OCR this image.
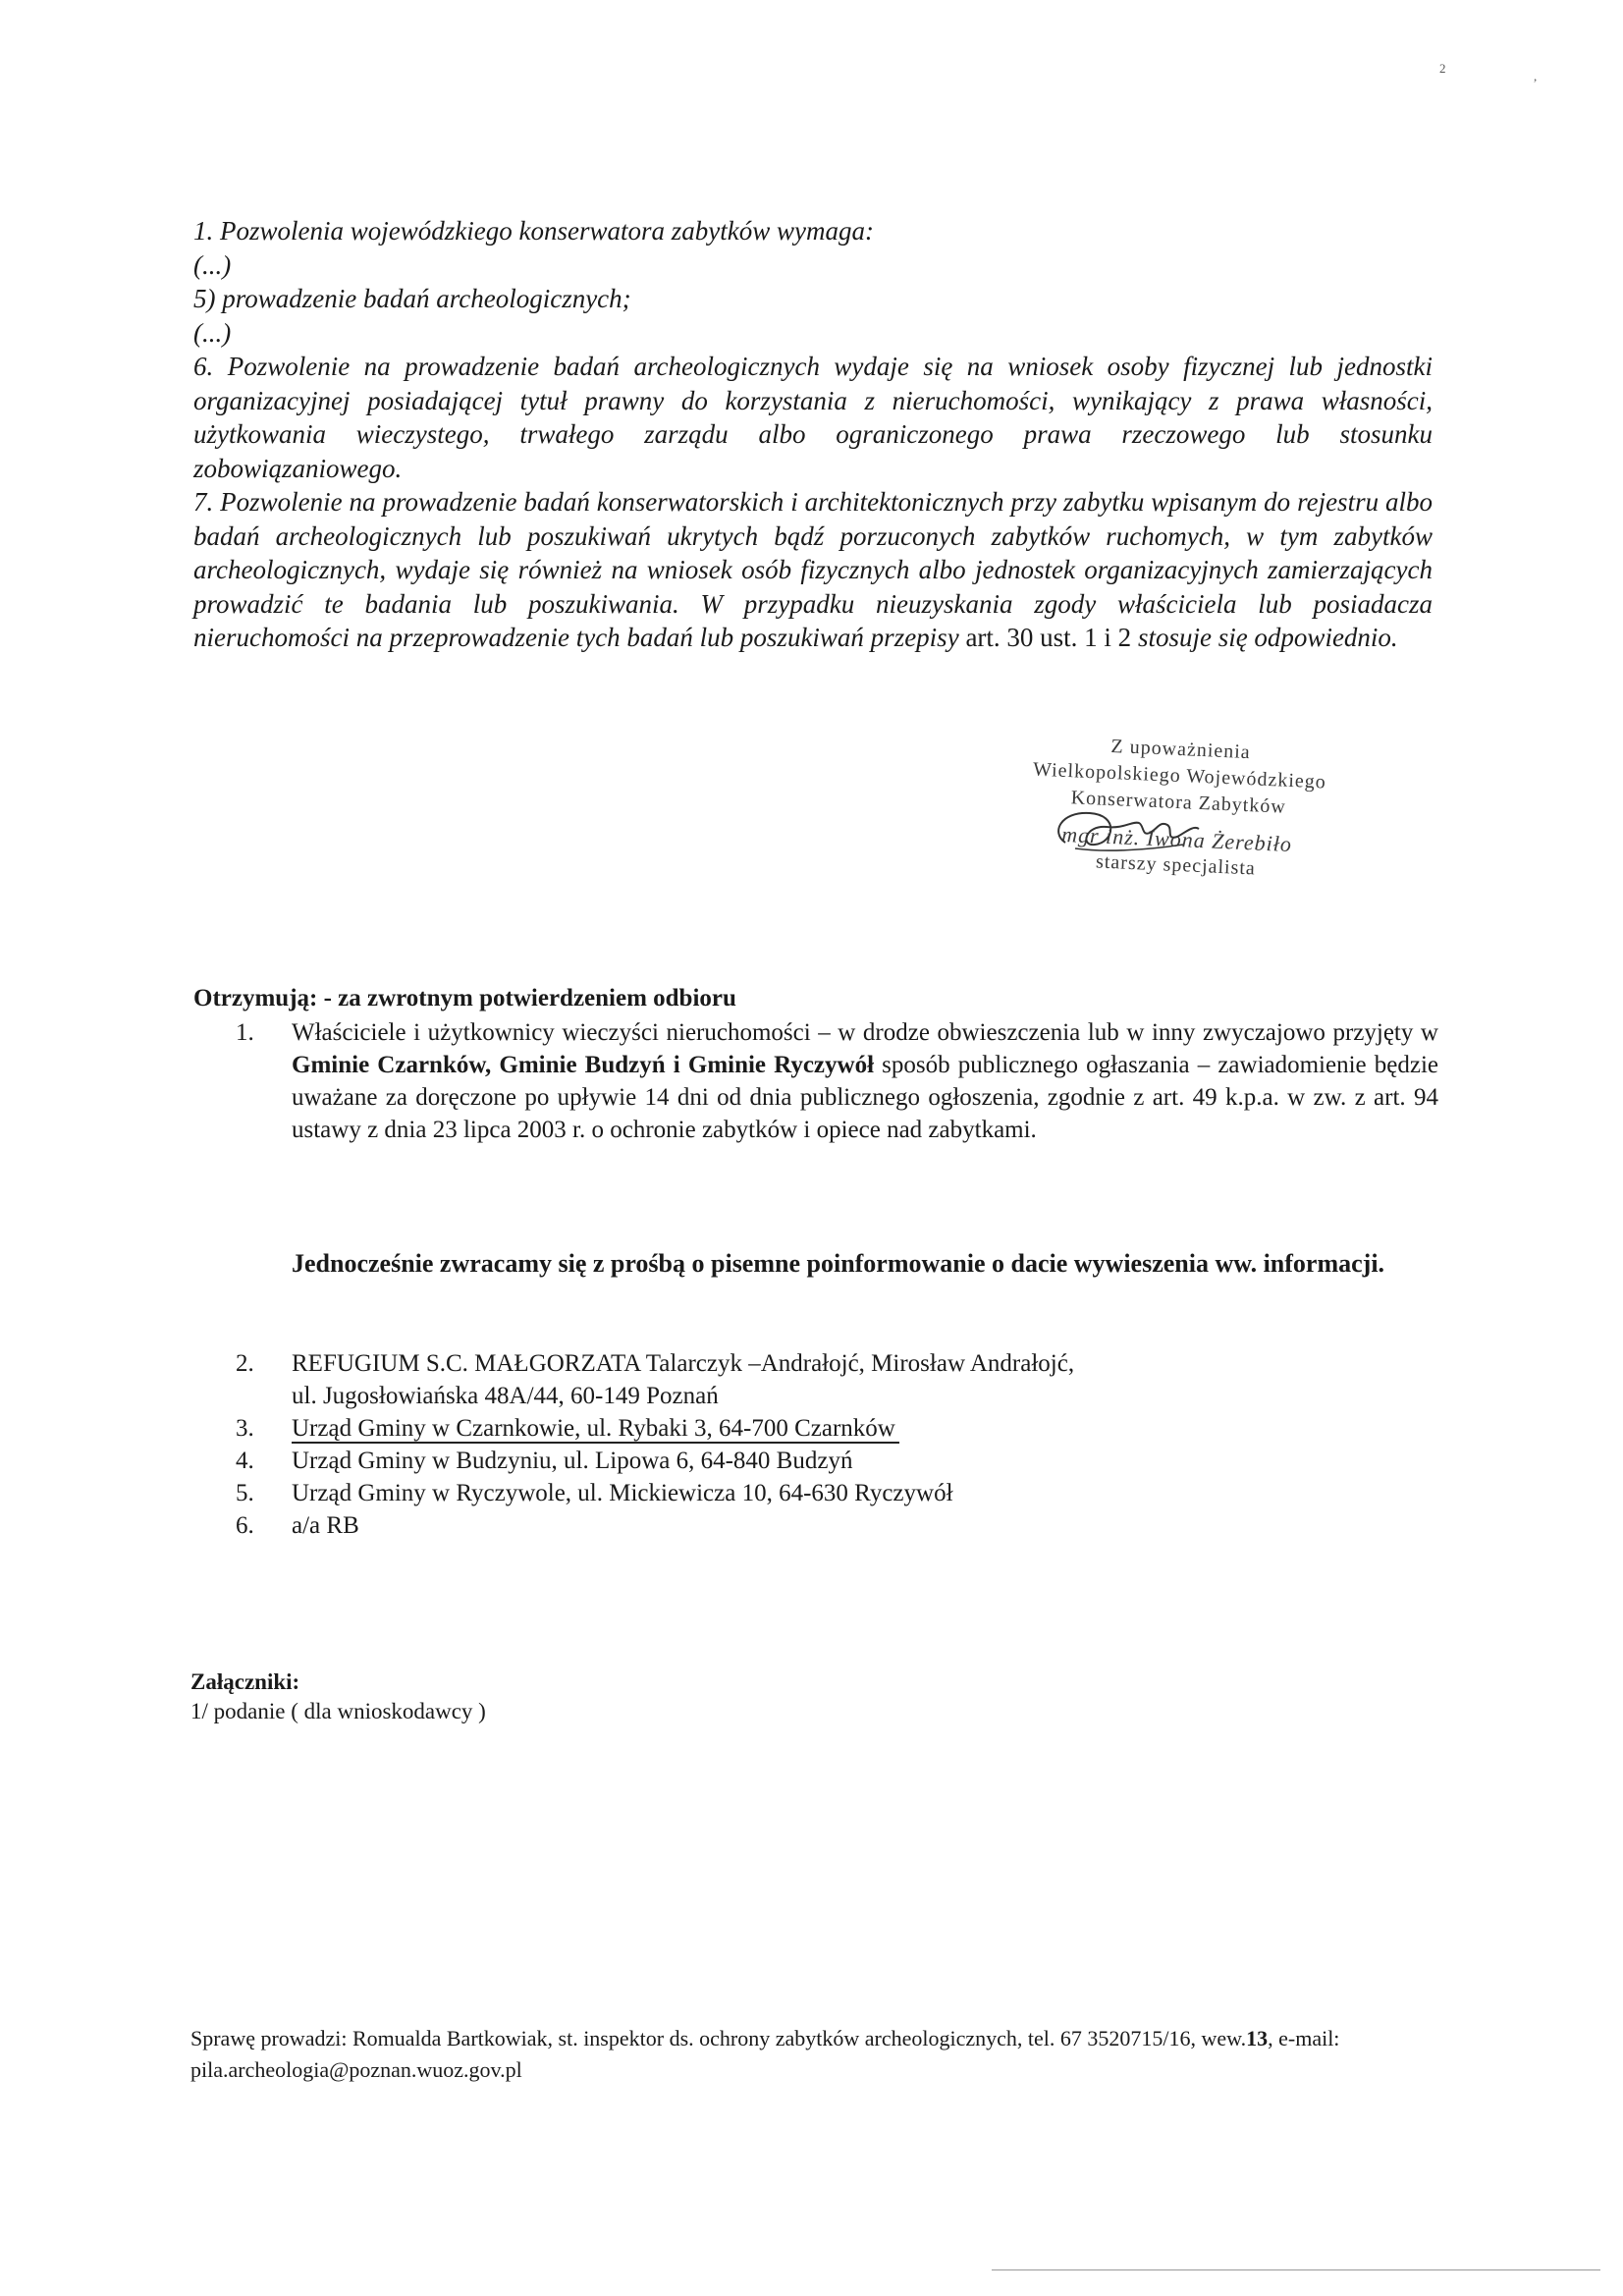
2
,

1. Pozwolenia wojewódzkiego konserwatora zabytków wymaga:

(...)

5) prowadzenie badań archeologicznych;

(...)

6. Pozwolenie na prowadzenie badań archeologicznych wydaje się na wniosek osoby fizycznej lub jednostki organizacyjnej posiadającej tytuł prawny do korzystania z nieruchomości, wynikający z prawa własności, użytkowania wieczystego, trwałego zarządu albo ograniczonego prawa rzeczowego lub stosunku zobowiązaniowego.

7. Pozwolenie na prowadzenie badań konserwatorskich i architektonicznych przy zabytku wpisanym do rejestru albo badań archeologicznych lub poszukiwań ukrytych bądź porzuconych zabytków ruchomych, w tym zabytków archeologicznych, wydaje się również na wniosek osób fizycznych albo jednostek organizacyjnych zamierzających prowadzić te badania lub poszukiwania. W przypadku nieuzyskania zgody właściciela lub posiadacza nieruchomości na przeprowadzenie tych badań lub poszukiwań przepisy art. 30 ust. 1 i 2 stosuje się odpowiednio.

Z upoważnienia
Wielkopolskiego Wojewódzkiego
Konserwatora Zabytków
mgr inż. Iwona Żerebiło
starszy specjalista
Otrzymują: - za zwrotnym potwierdzeniem odbioru
1. Właściciele i użytkownicy wieczyści nieruchomości – w drodze obwieszczenia lub w inny zwyczajowo przyjęty w Gminie Czarnków, Gminie Budzyń i Gminie Ryczywół sposób publicznego ogłaszania – zawiadomienie będzie uważane za doręczone po upływie 14 dni od dnia publicznego ogłoszenia, zgodnie z art. 49 k.p.a. w zw. z art. 94 ustawy z dnia 23 lipca 2003 r. o ochronie zabytków i opiece nad zabytkami.
Jednocześnie zwracamy się z prośbą o pisemne poinformowanie o dacie wywieszenia ww. informacji.
2. REFUGIUM S.C. MAŁGORZATA Talarczyk –Andrałojć, Mirosław Andrałojć,
ul. Jugosłowiańska 48A/44, 60-149 Poznań
3. Urząd Gminy w Czarnkowie, ul. Rybaki 3, 64-700 Czarnków
4. Urząd Gminy w Budzyniu, ul. Lipowa 6, 64-840 Budzyń
5. Urząd Gminy w Ryczywole, ul. Mickiewicza 10, 64-630 Ryczywół
6. a/a RB
Załączniki:
1/ podanie ( dla wnioskodawcy )
Sprawę prowadzi: Romualda Bartkowiak, st. inspektor ds. ochrony zabytków archeologicznych, tel. 67 3520715/16, wew.13, e-mail: pila.archeologia@poznan.wuoz.gov.pl
